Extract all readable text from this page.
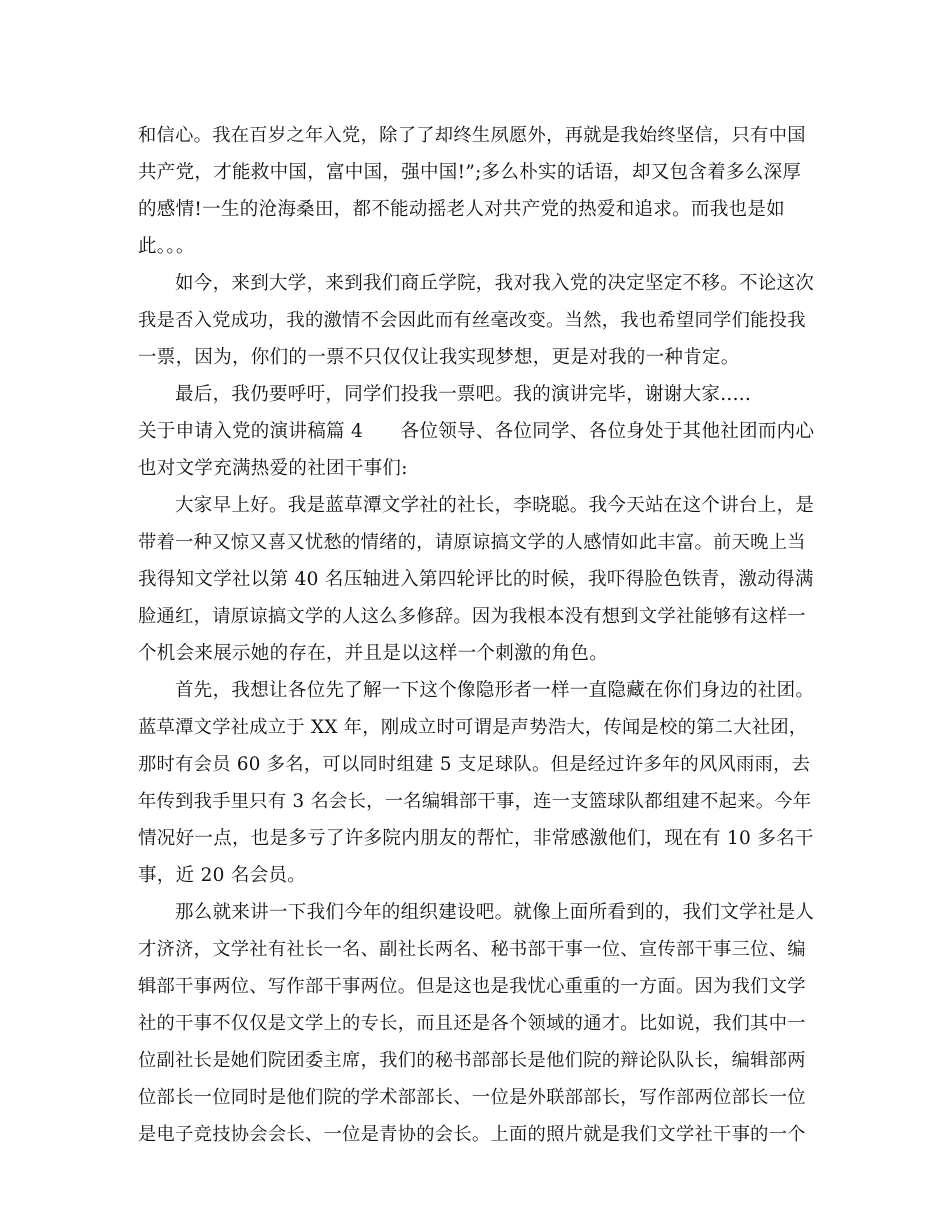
和信心。我在百岁之年入党，除了了却终生夙愿外，再就是我始终坚信，只有中国
共产党，才能救中国，富中国，强中国!”;多么朴实的话语，却又包含着多么深厚
的感情!一生的沧海桑田，都不能动摇老人对共产党的热爱和追求。而我也是如
此。。。
如今，来到大学，来到我们商丘学院，我对我入党的决定坚定不移。不论这次
我是否入党成功，我的激情不会因此而有丝毫改变。当然，我也希望同学们能投我
一票，因为，你们的一票不只仅仅让我实现梦想，更是对我的一种肯定。
最后，我仍要呼吁，同学们投我一票吧。我的演讲完毕，谢谢大家.....
关于申请入党的演讲稿篇 4　　各位领导、各位同学、各位身处于其他社团而内心
也对文学充满热爱的社团干事们:
大家早上好。我是蓝草潭文学社的社长，李晓聪。我今天站在这个讲台上，是
带着一种又惊又喜又忧愁的情绪的，请原谅搞文学的人感情如此丰富。前天晚上当
我得知文学社以第 40 名压轴进入第四轮评比的时候，我吓得脸色铁青，激动得满
脸通红，请原谅搞文学的人这么多修辞。因为我根本没有想到文学社能够有这样一
个机会来展示她的存在，并且是以这样一个刺激的角色。
首先，我想让各位先了解一下这个像隐形者一样一直隐藏在你们身边的社团。
蓝草潭文学社成立于 XX 年，刚成立时可谓是声势浩大，传闻是校的第二大社团，
那时有会员 60 多名，可以同时组建 5 支足球队。但是经过许多年的风风雨雨，去
年传到我手里只有 3 名会长，一名编辑部干事，连一支篮球队都组建不起来。今年
情况好一点，也是多亏了许多院内朋友的帮忙，非常感激他们，现在有 10 多名干
事，近 20 名会员。
那么就来讲一下我们今年的组织建设吧。就像上面所看到的，我们文学社是人
才济济，文学社有社长一名、副社长两名、秘书部干事一位、宣传部干事三位、编
辑部干事两位、写作部干事两位。但是这也是我忧心重重的一方面。因为我们文学
社的干事不仅仅是文学上的专长，而且还是各个领域的通才。比如说，我们其中一
位副社长是她们院团委主席，我们的秘书部部长是他们院的辩论队队长，编辑部两
位部长一位同时是他们院的学术部部长、一位是外联部部长，写作部两位部长一位
是电子竞技协会会长、一位是青协的会长。上面的照片就是我们文学社干事的一个
